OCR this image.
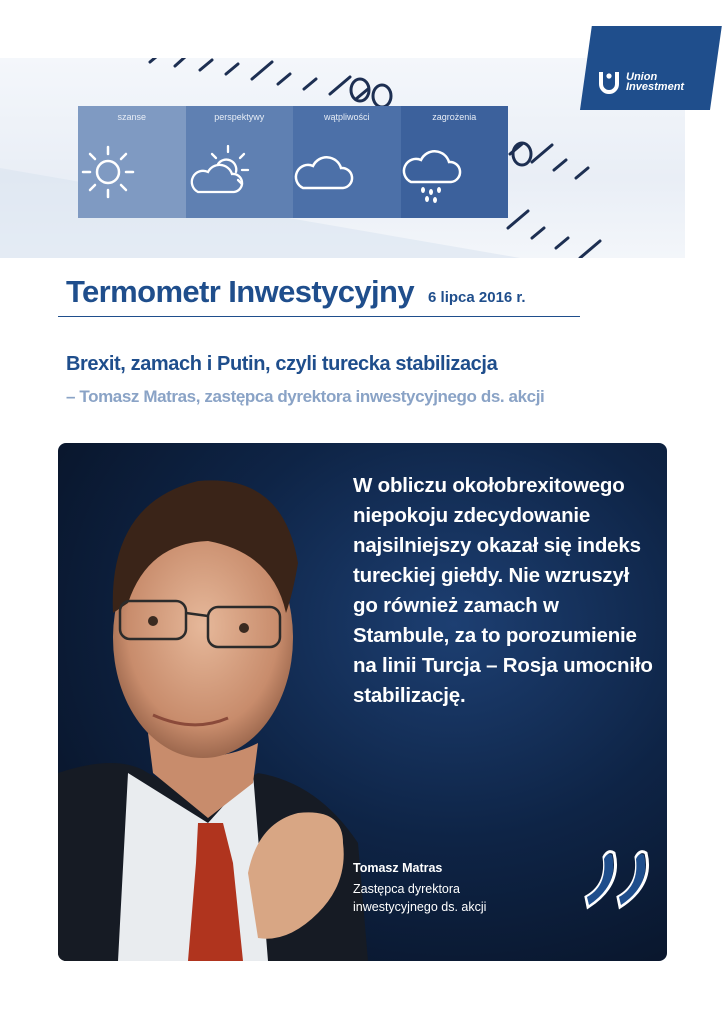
szanse	perspektywy	wątpliwości	zagrożenia
Union
Investment
Termometr Inwestycyjny 6 lipca 2016 r.
Brexit, zamach i Putin, czyli turecka stabilizacja
– Tomasz Matras, zastępca dyrektora inwestycyjnego ds. akcji
W obliczu okołobrexitowego niepokoju zdecydowanie najsilniejszy okazał się indeks tureckiej giełdy. Nie wzruszył go również zamach w Stambule, za to porozumienie na linii Turcja – Rosja umocniło stabilizację.
Tomasz Matras
Zastępca dyrektora inwestycyjnego ds. akcji
